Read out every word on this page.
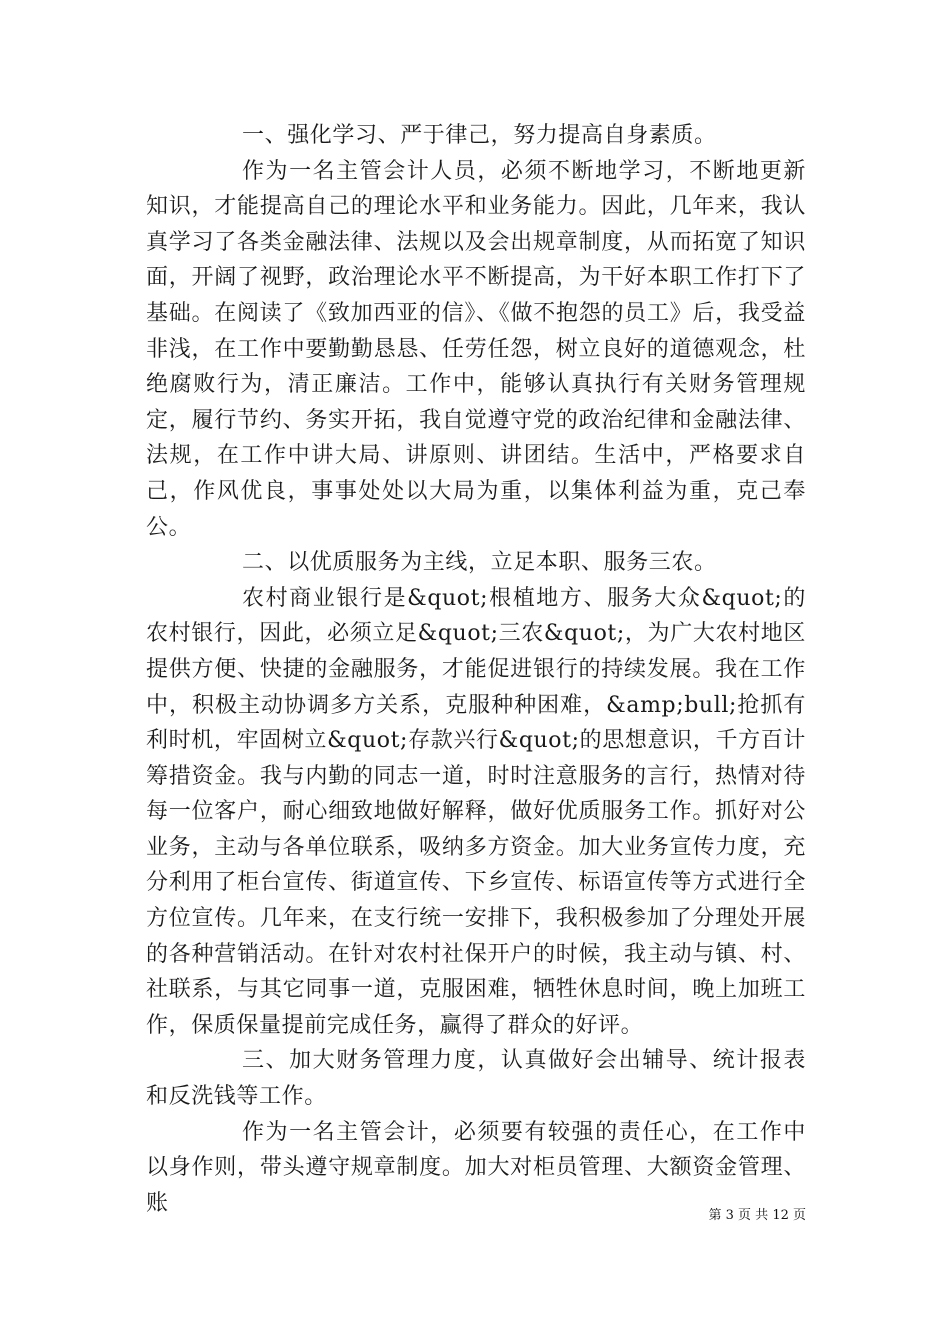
一、强化学习、严于律己，努力提高自身素质。

作为一名主管会计人员，必须不断地学习，不断地更新知识，才能提高自己的理论水平和业务能力。因此，几年来，我认真学习了各类金融法律、法规以及会出规章制度，从而拓宽了知识面，开阔了视野，政治理论水平不断提高，为干好本职工作打下了基础。在阅读了《致加西亚的信》、《做不抱怨的员工》后，我受益非浅，在工作中要勤勤恳恳、任劳任怨，树立良好的道德观念，杜绝腐败行为，清正廉洁。工作中，能够认真执行有关财务管理规定，履行节约、务实开拓，我自觉遵守党的政治纪律和金融法律、法规，在工作中讲大局、讲原则、讲团结。生活中，严格要求自己，作风优良，事事处处以大局为重，以集体利益为重，克己奉公。

二、以优质服务为主线，立足本职、服务三农。

农村商业银行是&quot;根植地方、服务大众&quot;的农村银行，因此，必须立足&quot;三农&quot;，为广大农村地区提供方便、快捷的金融服务，才能促进银行的持续发展。我在工作中，积极主动协调多方关系，克服种种困难，&amp;bull;抢抓有利时机，牢固树立&quot;存款兴行&quot;的思想意识，千方百计筹措资金。我与内勤的同志一道，时时注意服务的言行，热情对待每一位客户，耐心细致地做好解释，做好优质服务工作。抓好对公业务，主动与各单位联系，吸纳多方资金。加大业务宣传力度，充分利用了柜台宣传、街道宣传、下乡宣传、标语宣传等方式进行全方位宣传。几年来，在支行统一安排下，我积极参加了分理处开展的各种营销活动。在针对农村社保开户的时候，我主动与镇、村、社联系，与其它同事一道，克服困难，牺牲休息时间，晚上加班工作，保质保量提前完成任务，赢得了群众的好评。

三、加大财务管理力度，认真做好会出辅导、统计报表和反洗钱等工作。

作为一名主管会计，必须要有较强的责任心，在工作中以身作则，带头遵守规章制度。加大对柜员管理、大额资金管理、账	第 3 页 共 12 页
